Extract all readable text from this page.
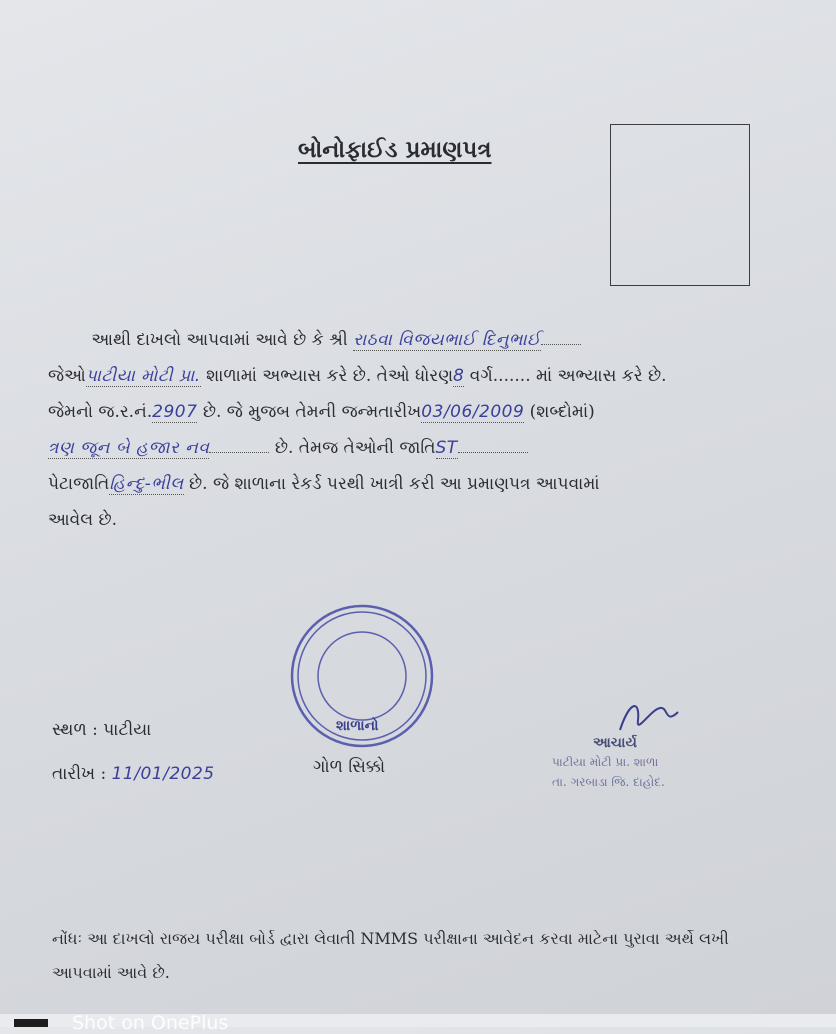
બોનોફાઈડ પ્રમાણપત્ર
આથી દાખલો આપવામાં આવે છે કે શ્રી રાઠવા વિજયભાઈ દિનુભાઈ
જેઓપાટીયા મોટી પ્રા. શાળામાં અભ્યાસ કરે છે. તેઓ ધોરણ8 વર્ગ....... માં અભ્યાસ કરે છે.
જેમનો જ.ર.નં.2907 છે. જે મુજબ તેમની જન્મતારીખ03/06/2009 (શબ્દોમાં)
ત્રણ જૂન બે હજાર નવ	છે. તેમજ તેઓની જાતિST
પેટાજાતિહિન્દુ-ભીલ છે. જે શાળાના રેકર્ડ પરથી ખાત્રી કરી આ પ્રમાણપત્ર આપવામાં
આવેલ છે.
શાળાનો
સ્થળ : પાટીયા
તારીખ : 11/01/2025	ગોળ સિક્કો
આચાર્ય
પાટીયા મોટી પ્રા. શાળા
તા. ગરબાડા જિ. દાહોદ.
નોંધઃ આ દાખલો રાજય પરીક્ષા બોર્ડ દ્વારા લેવાતી NMMS પરીક્ષાના આવેદન કરવા માટેના પુરાવા અર્થે લખી આપવામાં આવે છે.
Shot on OnePlus
